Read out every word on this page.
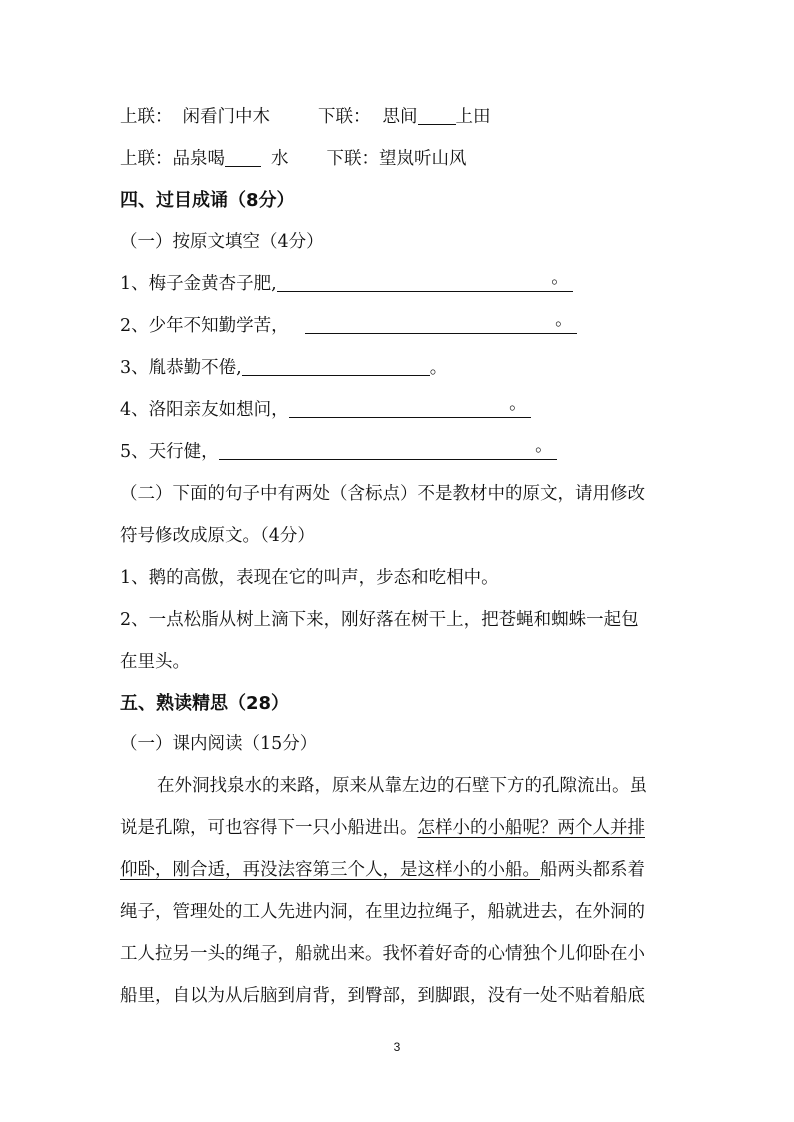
上联： 闲看门中木	下联： 思间 上田
上联：品泉喝	水 下联：望岚听山风
四、过目成诵（8分）
（一）按原文填空（4分）
1、梅子金黄杏子肥,	。
2、少年不知勤学苦，	。
3、胤恭勤不倦,	。
4、洛阳亲友如想问，	。
5、天行健，	。
（二）下面的句子中有两处（含标点）不是教材中的原文，请用修改
符号修改成原文。（4分）
1、鹅的高傲，表现在它的叫声，步态和吃相中。
2、一点松脂从树上滴下来，刚好落在树干上，把苍蝇和蜘蛛一起包
在里头。
五、熟读精思（28）
（一）课内阅读（15分）
在外洞找泉水的来路，原来从靠左边的石壁下方的孔隙流出。虽
说是孔隙，可也容得下一只小船进出。怎样小的小船呢？两个人并排
仰卧，刚合适，再没法容第三个人，是这样小的小船。船两头都系着
绳子，管理处的工人先进内洞，在里边拉绳子，船就进去，在外洞的
工人拉另一头的绳子，船就出来。我怀着好奇的心情独个儿仰卧在小
船里，自以为从后脑到肩背，到臀部，到脚跟，没有一处不贴着船底
3
